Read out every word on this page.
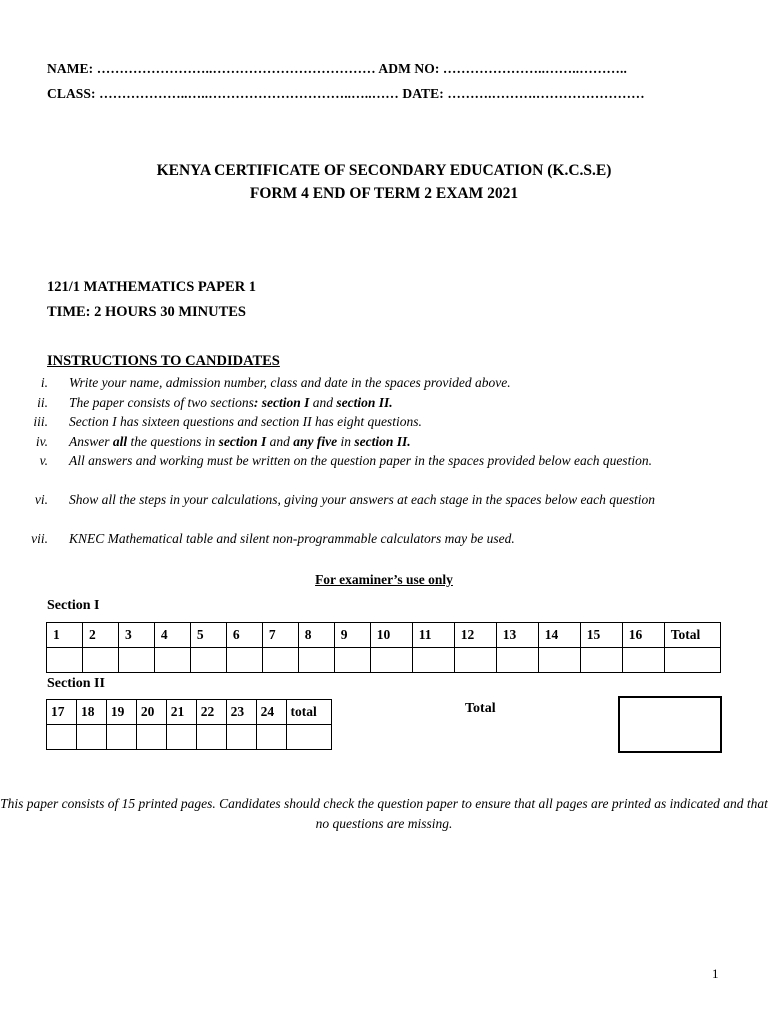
NAME: ……………………..……………………………… ADM NO: …………………..……..………..
CLASS: ………………..…..…………………………..…..…… DATE: ……….……….……………………
KENYA CERTIFICATE OF SECONDARY EDUCATION (K.C.S.E)
FORM 4 END OF TERM 2 EXAM 2021
121/1 MATHEMATICS PAPER 1
TIME: 2 HOURS 30 MINUTES
INSTRUCTIONS TO CANDIDATES
i. Write your name, admission number, class and date in the spaces provided above.
ii. The paper consists of two sections: section I and section II.
iii. Section I has sixteen questions and section II has eight questions.
iv. Answer all the questions in section I and any five in section II.
v. All answers and working must be written on the question paper in the spaces provided below each question.
vi. Show all the steps in your calculations, giving your answers at each stage in the spaces below each question
vii. KNEC Mathematical table and silent non-programmable calculators may be used.
For examiner’s use only
Section I
1	2	3	4	5	6	7	8	9	10	11	12	13	14	15	16	Total

Section II
17	18	19	20	21	22	23	24	total
									Total
This paper consists of 15 printed pages. Candidates should check the question paper to ensure that all pages are printed as indicated and that no questions are missing.
1
